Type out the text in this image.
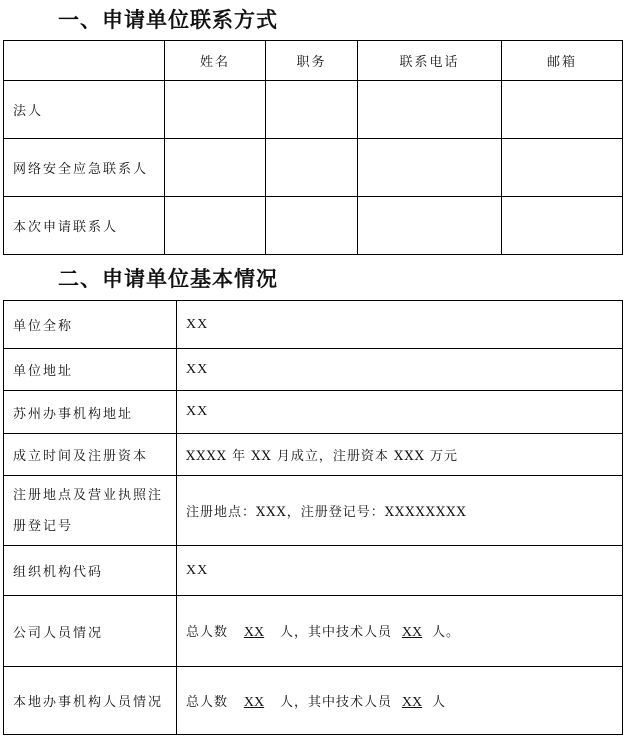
一、申请单位联系方式
	姓名	职务	联系电话	邮箱
法人				
网络安全应急联系人				
本次申请联系人				
二、申请单位基本情况
单位全称	XX
单位地址	XX
苏州办事机构地址	XX
成立时间及注册资本	XXXX 年 XX 月成立，注册资本 XXX 万元
注册地点及营业执照注册登记号	注册地点：XXX，注册登记号：XXXXXXXX
组织机构代码	XX
公司人员情况	总人数 XX 人，其中技术人员 XX 人。
本地办事机构人员情况	总人数 XX 人，其中技术人员 XX 人
